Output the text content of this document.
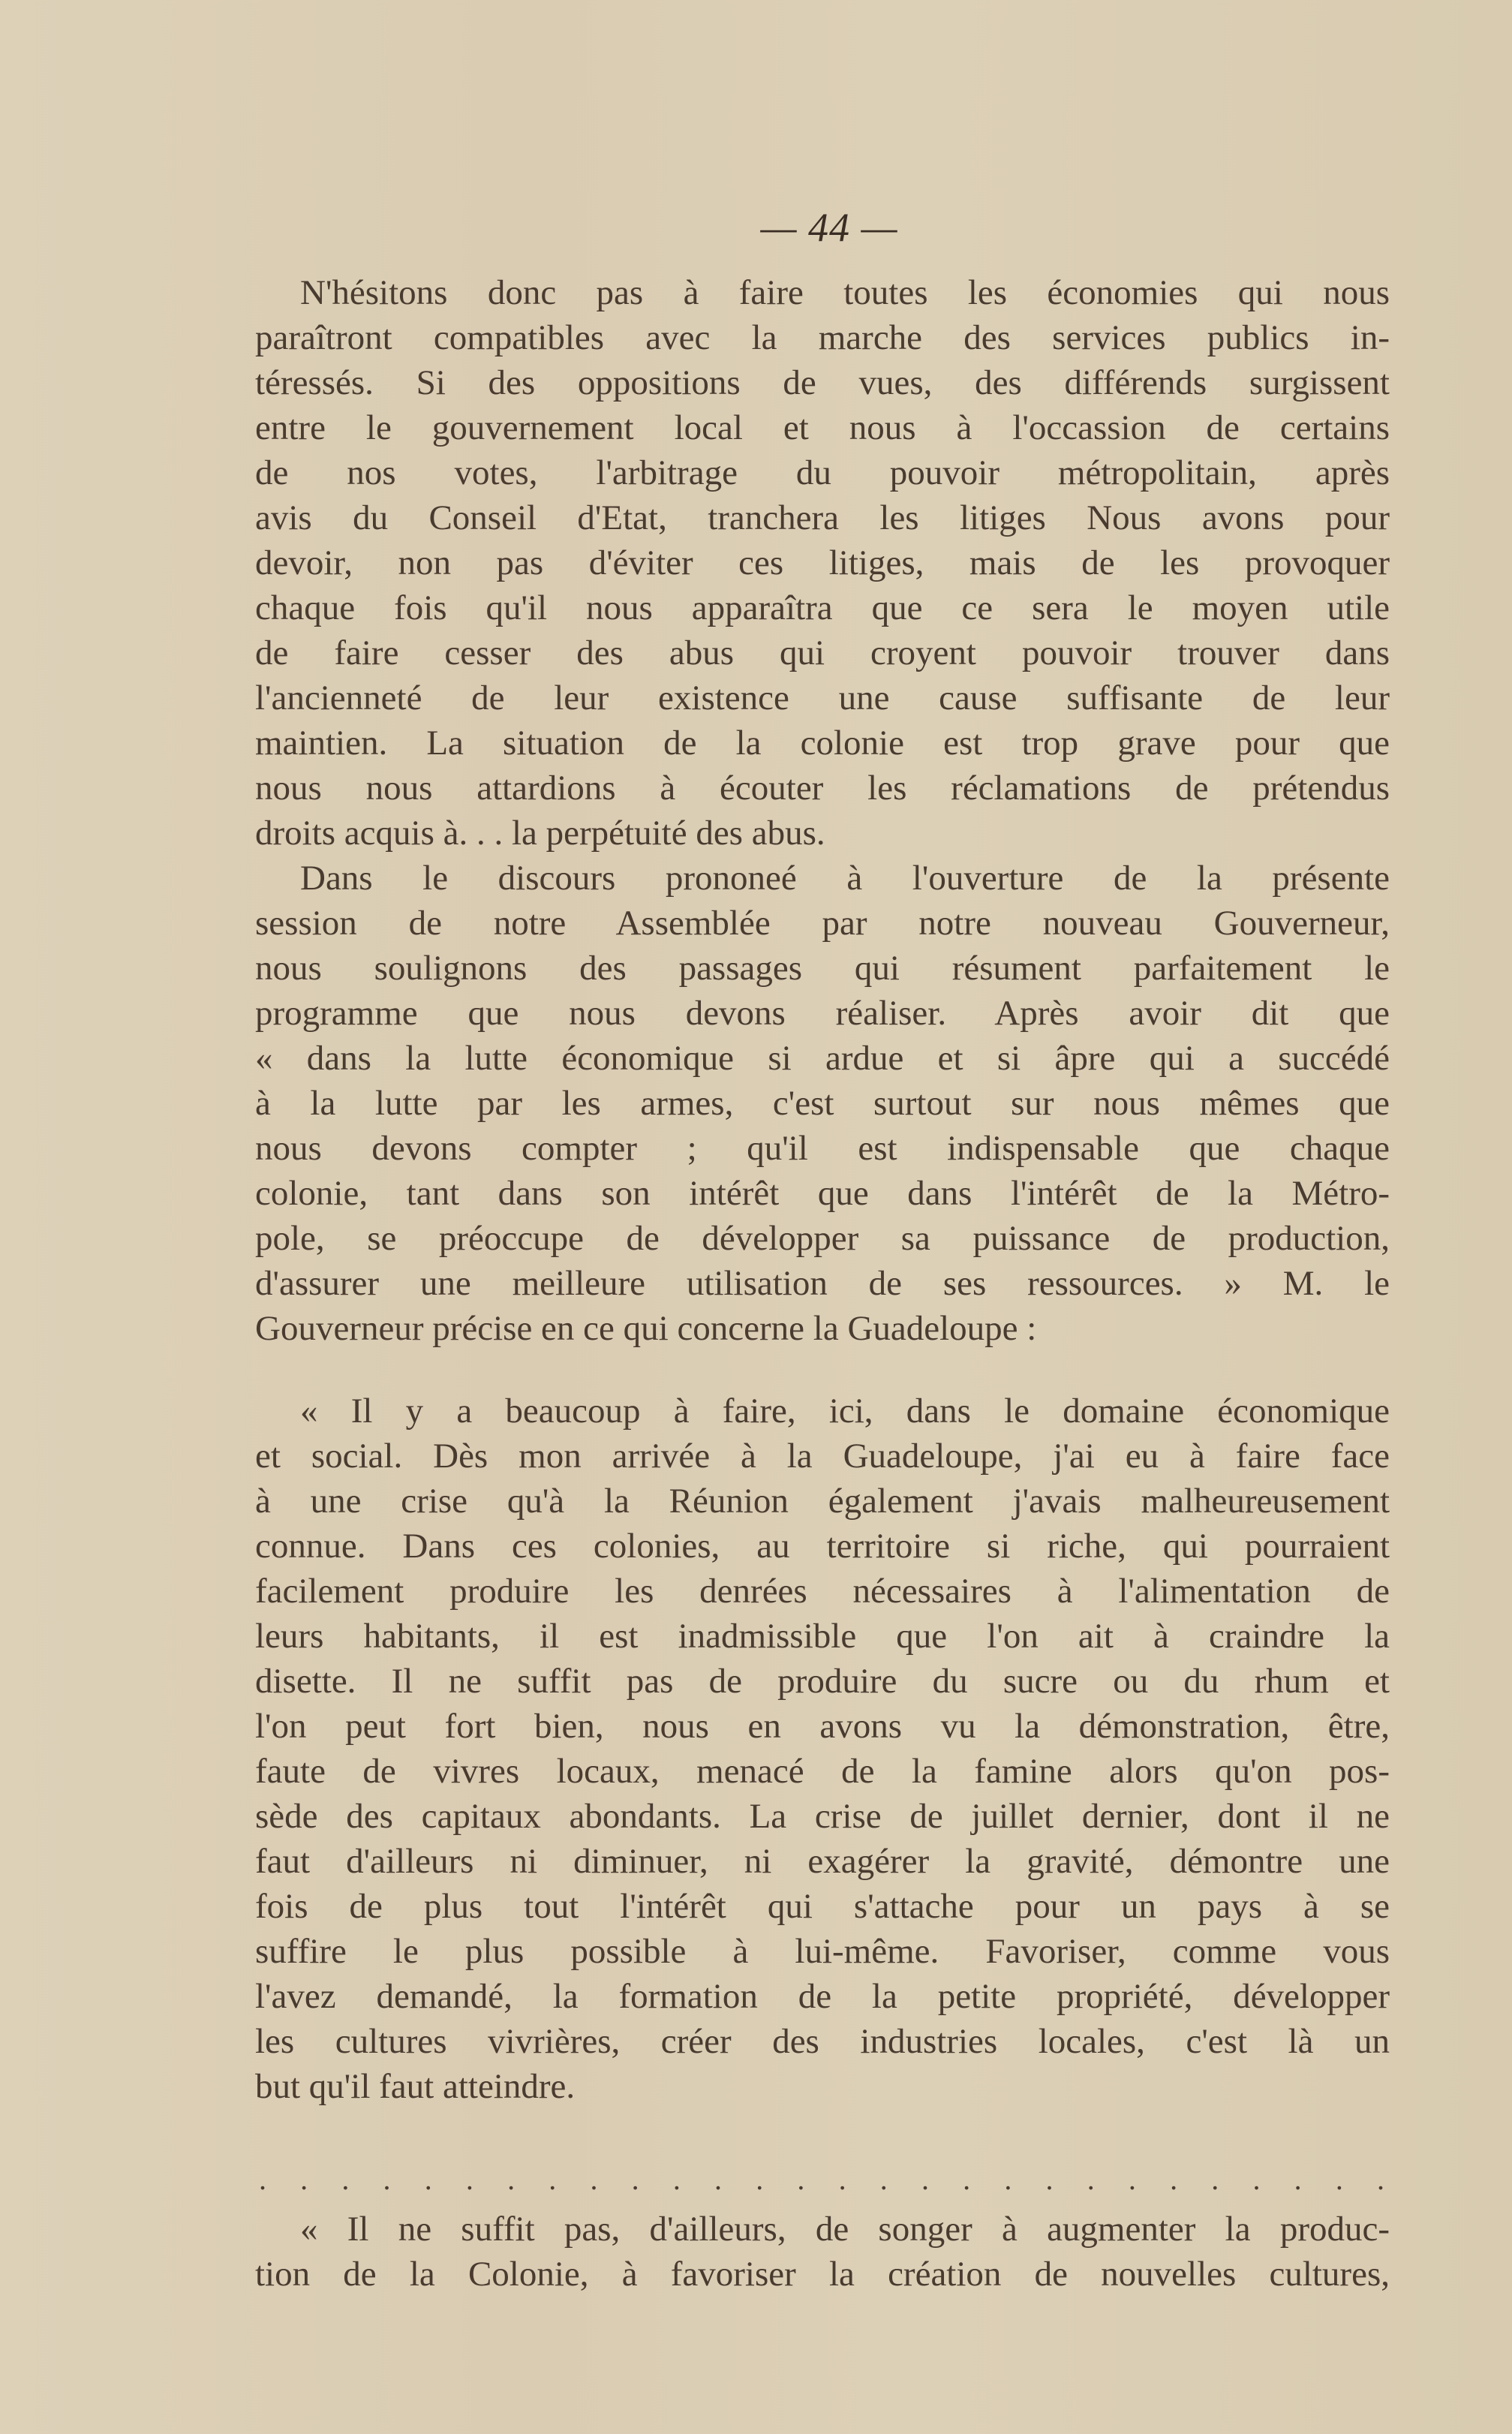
— 44 —
N'hésitons donc pas à faire toutes les économies qui nous
paraîtront compatibles avec la marche des services publics in-
téressés. Si des oppositions de vues, des différends surgissent
entre le gouvernement local et nous à l'occassion de certains
de nos votes, l'arbitrage du pouvoir métropolitain, après
avis du Conseil d'Etat, tranchera les litiges Nous avons pour
devoir, non pas d'éviter ces litiges, mais de les provoquer
chaque fois qu'il nous apparaîtra que ce sera le moyen utile
de faire cesser des abus qui croyent pouvoir trouver dans
l'ancienneté de leur existence une cause suffisante de leur
maintien. La situation de la colonie est trop grave pour que
nous nous attardions à écouter les réclamations de prétendus
droits acquis à. . . la perpétuité des abus.
Dans le discours prononeé à l'ouverture de la présente
session de notre Assemblée par notre nouveau Gouverneur,
nous soulignons des passages qui résument parfaitement le
programme que nous devons réaliser. Après avoir dit que
« dans la lutte économique si ardue et si âpre qui a succédé
à la lutte par les armes, c'est surtout sur nous mêmes que
nous devons compter ; qu'il est indispensable que chaque
colonie, tant dans son intérêt que dans l'intérêt de la Métro-
pole, se préoccupe de développer sa puissance de production,
d'assurer une meilleure utilisation de ses ressources. » M. le
Gouverneur précise en ce qui concerne la Guadeloupe :
« Il y a beaucoup à faire, ici, dans le domaine économique
et social. Dès mon arrivée à la Guadeloupe, j'ai eu à faire face
à une crise qu'à la Réunion également j'avais malheureusement
connue. Dans ces colonies, au territoire si riche, qui pourraient
facilement produire les denrées nécessaires à l'alimentation de
leurs habitants, il est inadmissible que l'on ait à craindre la
disette. Il ne suffit pas de produire du sucre ou du rhum et
l'on peut fort bien, nous en avons vu la démonstration, être,
faute de vivres locaux, menacé de la famine alors qu'on pos-
sède des capitaux abondants. La crise de juillet dernier, dont il ne
faut d'ailleurs ni diminuer, ni exagérer la gravité, démontre une
fois de plus tout l'intérêt qui s'attache pour un pays à se
suffire le plus possible à lui-même. Favoriser, comme vous
l'avez demandé, la formation de la petite propriété, développer
les cultures vivrières, créer des industries locales, c'est là un
but qu'il faut atteindre.
. . . . . . . . . . . . . . . . . . . . . . . . . . . .
« Il ne suffit pas, d'ailleurs, de songer à augmenter la produc-
tion de la Colonie, à favoriser la création de nouvelles cultures,
